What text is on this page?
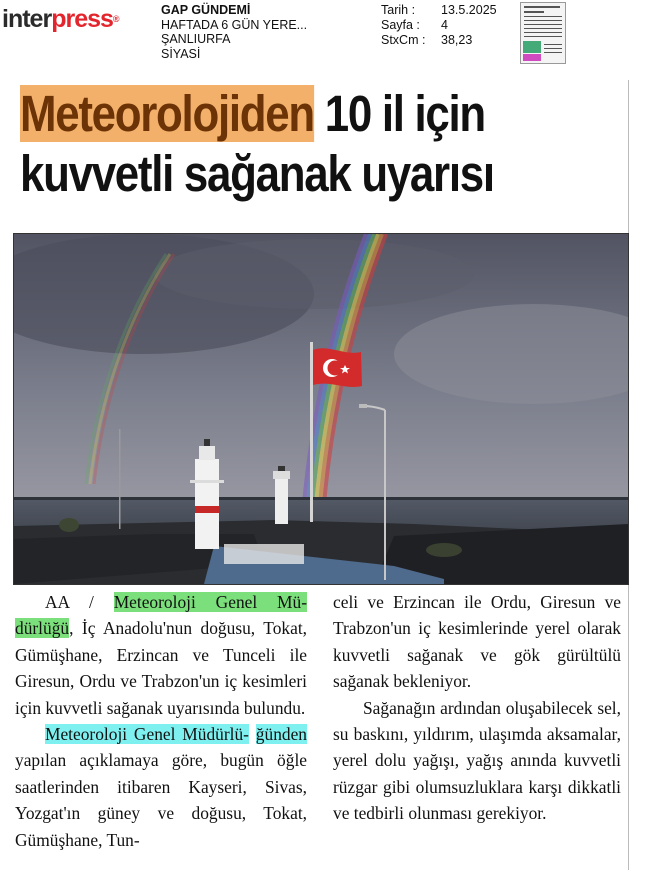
interpress®
GAP GÜNDEMİ
HAFTADA 6 GÜN YERE...
ŞANLIURFA
SİYASİ
Tarih :	13.5.2025
Sayfa :	4
StxCm :	38,23
Meteorolojiden 10 il için
kuvvetli sağanak uyarısı

AA / Meteoroloji Genel Mü- dürlüğü, İç Anadolu'nun doğusu, Tokat, Gümüşhane, Erzincan ve Tunceli ile Giresun, Ordu ve Trabzon'un iç kesimleri için kuvvetli sağanak uyarısında bulundu.

Meteoroloji Genel Müdürlü- ğünden yapılan açıklamaya göre, bugün öğle saatlerinden itibaren Kayseri, Sivas, Yozgat'ın güney ve doğusu, Tokat, Gümüşhane, Tun-

celi ve Erzincan ile Ordu, Giresun ve Trabzon'un iç kesimlerinde yerel olarak kuvvetli sağanak ve gök gürültülü sağanak bekleniyor.

Sağanağın ardından oluşabilecek sel, su baskını, yıldırım, ulaşımda aksamalar, yerel dolu yağışı, yağış anında kuvvetli rüzgar gibi olumsuzluklara karşı dikkatli ve tedbirli olunması gerekiyor.
